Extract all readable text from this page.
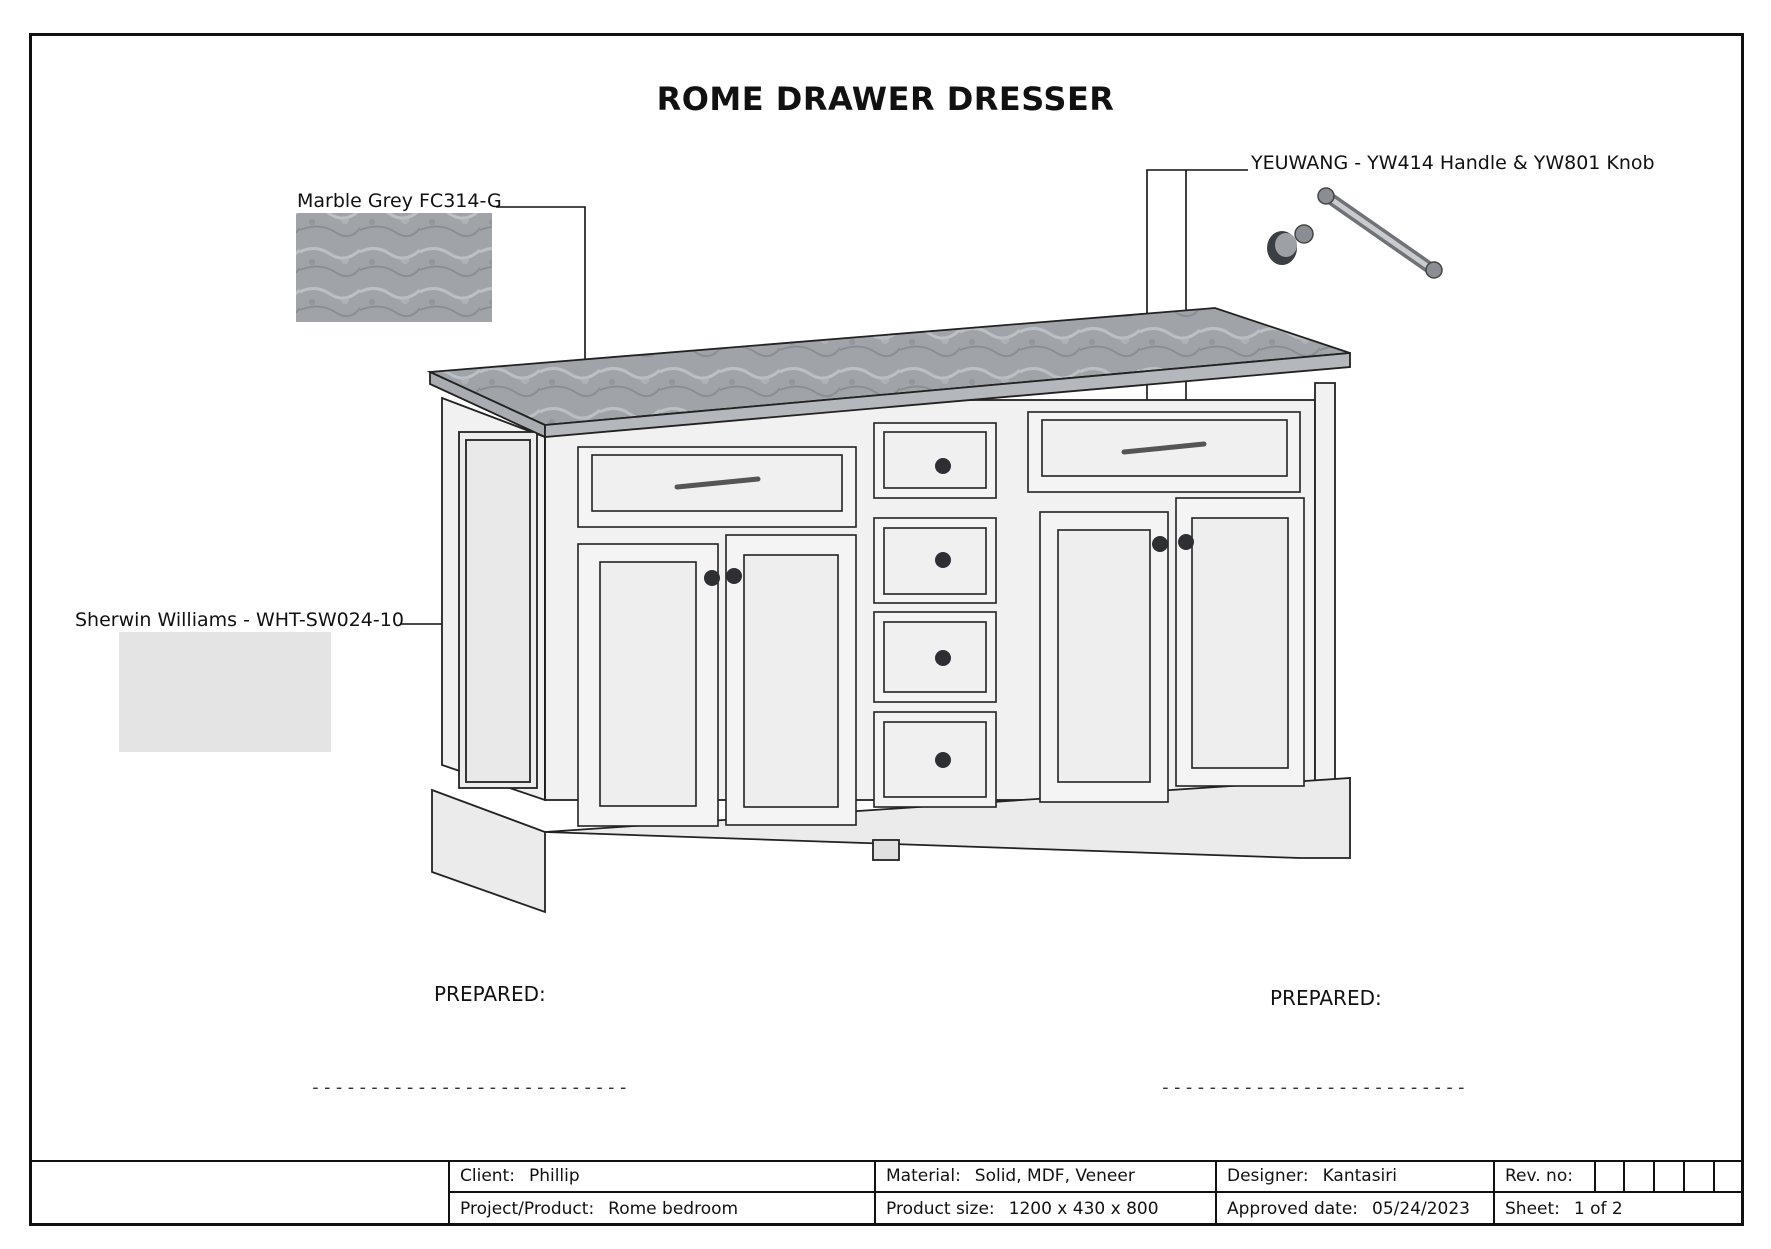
ROME DRAWER DRESSER
Marble Grey FC314-G
YEUWANG - YW414 Handle & YW801 Knob
Sherwin Williams - WHT-SW024-10
PREPARED:	PREPARED:
---------------------------	--------------------------
Client: Phillip
Project/Product: Rome bedroom
Material: Solid, MDF, Veneer
Product size: 1200 x 430 x 800
Designer: Kantasiri
Approved date: 05/24/2023
Rev. no:
Sheet: 1 of 2
